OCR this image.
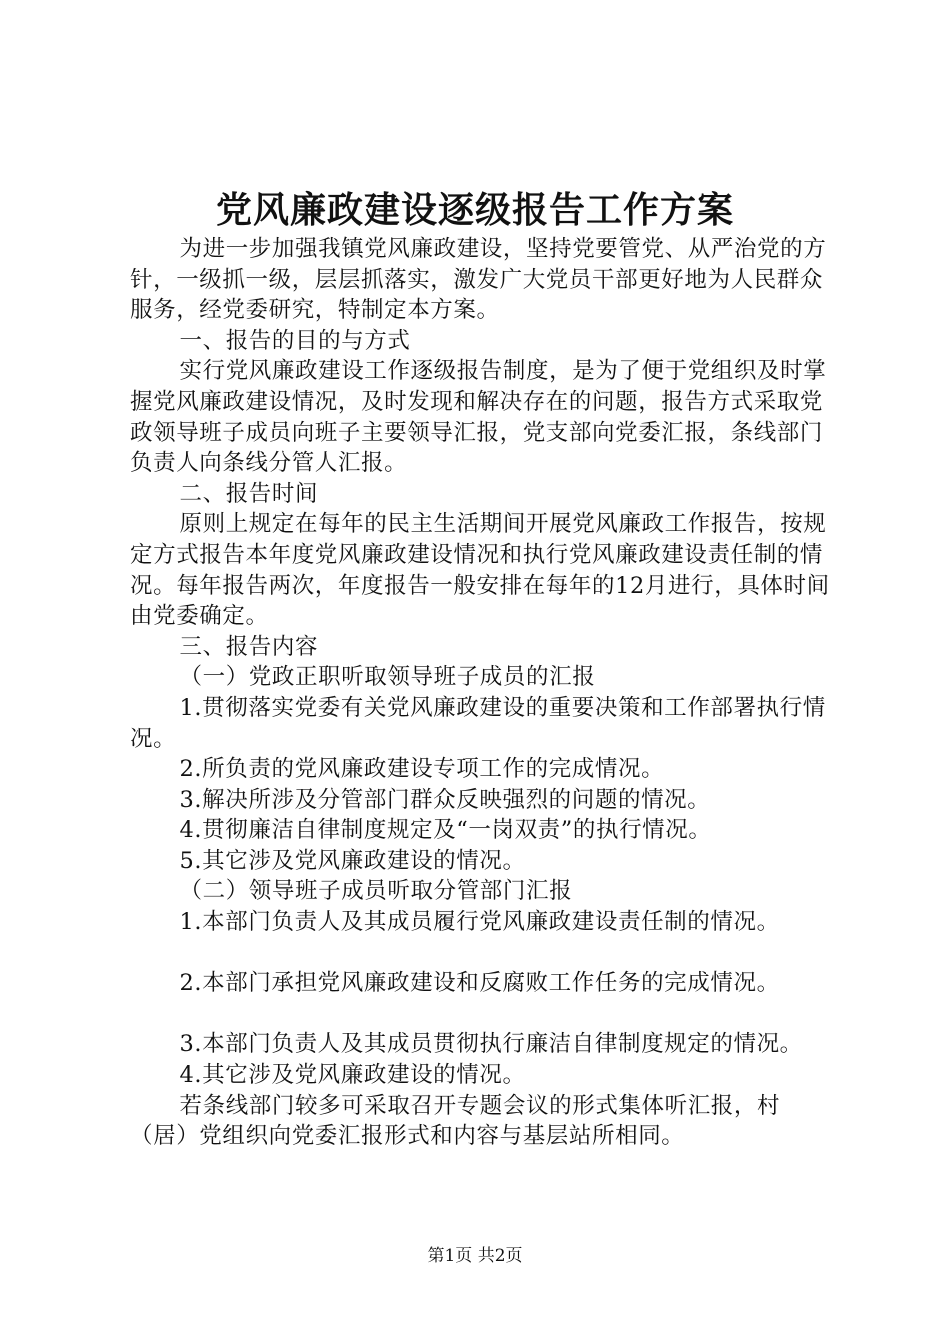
党风廉政建设逐级报告工作方案

为进一步加强我镇党风廉政建设，坚持党要管党、从严治党的方针，一级抓一级，层层抓落实，激发广大党员干部更好地为人民群众服务，经党委研究，特制定本方案。

一、报告的目的与方式

实行党风廉政建设工作逐级报告制度，是为了便于党组织及时掌握党风廉政建设情况，及时发现和解决存在的问题，报告方式采取党政领导班子成员向班子主要领导汇报，党支部向党委汇报，条线部门负责人向条线分管人汇报。

二、报告时间

原则上规定在每年的民主生活期间开展党风廉政工作报告，按规定方式报告本年度党风廉政建设情况和执行党风廉政建设责任制的情况。每年报告两次，年度报告一般安排在每年的12月进行，具体时间由党委确定。

三、报告内容

（一）党政正职听取领导班子成员的汇报

1.贯彻落实党委有关党风廉政建设的重要决策和工作部署执行情况。

2.所负责的党风廉政建设专项工作的完成情况。

3.解决所涉及分管部门群众反映强烈的问题的情况。

4.贯彻廉洁自律制度规定及“一岗双责”的执行情况。

5.其它涉及党风廉政建设的情况。

（二）领导班子成员听取分管部门汇报

1.本部门负责人及其成员履行党风廉政建设责任制的情况。

2.本部门承担党风廉政建设和反腐败工作任务的完成情况。

3.本部门负责人及其成员贯彻执行廉洁自律制度规定的情况。

4.其它涉及党风廉政建设的情况。

若条线部门较多可采取召开专题会议的形式集体听汇报，村（居）党组织向党委汇报形式和内容与基层站所相同。

第1页 共2页
